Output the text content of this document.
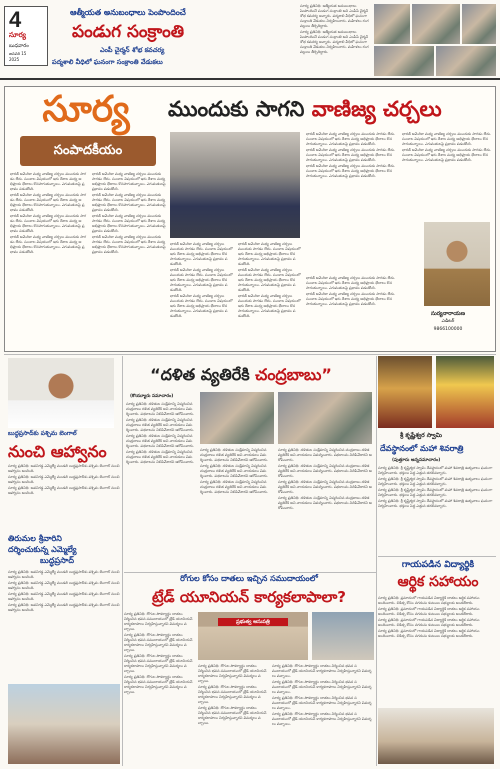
4
సూర్య
బుధవారం
జనవరి 15
2025
ఆత్మీయత అనుబంధాలు పెంపొందించే
పండుగ సంక్రాంతి
ఎంపీ చైర్మన్ శోభ కవచర్య
పద్మశాలి వీధిలో ఘనంగా సంక్రాంతి వేడుకలు

సూర్య ప్రతినిధి: ఆత్మీయత అనుబంధాలు పెంపొందించే పండుగ సంక్రాంతి అని ఎంపీపీ చైర్మన్ శోభ కవచర్య అన్నారు. పద్మశాలి వీధిలో ఘనంగా సంక్రాంతి వేడుకలు నిర్వహించారు. మహిళలు రంగవల్లులు తీర్చిదిద్దారు.

సూర్య ప్రతినిధి: ఆత్మీయత అనుబంధాలు పెంపొందించే పండుగ సంక్రాంతి అని ఎంపీపీ చైర్మన్ శోభ కవచర్య అన్నారు. పద్మశాలి వీధిలో ఘనంగా సంక్రాంతి వేడుకలు నిర్వహించారు. మహిళలు రంగవల్లులు తీర్చిదిద్దారు.

సూర్య
సంపాదకీయం
ముందుకు సాగని వాణిజ్య చర్చలు

భారత్ అమెరికా మధ్య వాణిజ్య చర్చలు ముందుకు సాగడం లేదు. సుంకాల విషయంలో ఇరు దేశాల మధ్య అభిప్రాయ భేదాలు కొనసాగుతున్నాయి. ఎగుమతులపై ప్రభావం పడుతోంది.

భారత్ అమెరికా మధ్య వాణిజ్య చర్చలు ముందుకు సాగడం లేదు. సుంకాల విషయంలో ఇరు దేశాల మధ్య అభిప్రాయ భేదాలు కొనసాగుతున్నాయి. ఎగుమతులపై ప్రభావం పడుతోంది.

భారత్ అమెరికా మధ్య వాణిజ్య చర్చలు ముందుకు సాగడం లేదు. సుంకాల విషయంలో ఇరు దేశాల మధ్య అభిప్రాయ భేదాలు కొనసాగుతున్నాయి. ఎగుమతులపై ప్రభావం పడుతోంది.

భారత్ అమెరికా మధ్య వాణిజ్య చర్చలు ముందుకు సాగడం లేదు. సుంకాల విషయంలో ఇరు దేశాల మధ్య అభిప్రాయ భేదాలు కొనసాగుతున్నాయి. ఎగుమతులపై ప్రభావం పడుతోంది.

భారత్ అమెరికా మధ్య వాణిజ్య చర్చలు ముందుకు సాగడం లేదు. సుంకాల విషయంలో ఇరు దేశాల మధ్య అభిప్రాయ భేదాలు కొనసాగుతున్నాయి. ఎగుమతులపై ప్రభావం పడుతోంది.

భారత్ అమెరికా మధ్య వాణిజ్య చర్చలు ముందుకు సాగడం లేదు. సుంకాల విషయంలో ఇరు దేశాల మధ్య అభిప్రాయ భేదాలు కొనసాగుతున్నాయి. ఎగుమతులపై ప్రభావం పడుతోంది.

భారత్ అమెరికా మధ్య వాణిజ్య చర్చలు ముందుకు సాగడం లేదు. సుంకాల విషయంలో ఇరు దేశాల మధ్య అభిప్రాయ భేదాలు కొనసాగుతున్నాయి. ఎగుమతులపై ప్రభావం పడుతోంది.

భారత్ అమెరికా మధ్య వాణిజ్య చర్చలు ముందుకు సాగడం లేదు. సుంకాల విషయంలో ఇరు దేశాల మధ్య అభిప్రాయ భేదాలు కొనసాగుతున్నాయి. ఎగుమతులపై ప్రభావం పడుతోంది.

భారత్ అమెరికా మధ్య వాణిజ్య చర్చలు ముందుకు సాగడం లేదు. సుంకాల విషయంలో ఇరు దేశాల మధ్య అభిప్రాయ భేదాలు కొనసాగుతున్నాయి. ఎగుమతులపై ప్రభావం పడుతోంది.

భారత్ అమెరికా మధ్య వాణిజ్య చర్చలు ముందుకు సాగడం లేదు. సుంకాల విషయంలో ఇరు దేశాల మధ్య అభిప్రాయ భేదాలు కొనసాగుతున్నాయి. ఎగుమతులపై ప్రభావం పడుతోంది.

భారత్ అమెరికా మధ్య వాణిజ్య చర్చలు ముందుకు సాగడం లేదు. సుంకాల విషయంలో ఇరు దేశాల మధ్య అభిప్రాయ భేదాలు కొనసాగుతున్నాయి. ఎగుమతులపై ప్రభావం పడుతోంది.

భారత్ అమెరికా మధ్య వాణిజ్య చర్చలు ముందుకు సాగడం లేదు. సుంకాల విషయంలో ఇరు దేశాల మధ్య అభిప్రాయ భేదాలు కొనసాగుతున్నాయి. ఎగుమతులపై ప్రభావం పడుతోంది.

భారత్ అమెరికా మధ్య వాణిజ్య చర్చలు ముందుకు సాగడం లేదు. సుంకాల విషయంలో ఇరు దేశాల మధ్య అభిప్రాయ భేదాలు కొనసాగుతున్నాయి. ఎగుమతులపై ప్రభావం పడుతోంది.

భారత్ అమెరికా మధ్య వాణిజ్య చర్చలు ముందుకు సాగడం లేదు. సుంకాల విషయంలో ఇరు దేశాల మధ్య అభిప్రాయ భేదాలు కొనసాగుతున్నాయి. ఎగుమతులపై ప్రభావం పడుతోంది.

భారత్ అమెరికా మధ్య వాణిజ్య చర్చలు ముందుకు సాగడం లేదు. సుంకాల విషయంలో ఇరు దేశాల మధ్య అభిప్రాయ భేదాలు కొనసాగుతున్నాయి. ఎగుమతులపై ప్రభావం పడుతోంది.

భారత్ అమెరికా మధ్య వాణిజ్య చర్చలు ముందుకు సాగడం లేదు. సుంకాల విషయంలో ఇరు దేశాల మధ్య అభిప్రాయ భేదాలు కొనసాగుతున్నాయి. ఎగుమతులపై ప్రభావం పడుతోంది.

భారత్ అమెరికా మధ్య వాణిజ్య చర్చలు ముందుకు సాగడం లేదు. సుంకాల విషయంలో ఇరు దేశాల మధ్య అభిప్రాయ భేదాలు కొనసాగుతున్నాయి. ఎగుమతులపై ప్రభావం పడుతోంది.

భారత్ అమెరికా మధ్య వాణిజ్య చర్చలు ముందుకు సాగడం లేదు. సుంకాల విషయంలో ఇరు దేశాల మధ్య అభిప్రాయ భేదాలు కొనసాగుతున్నాయి. ఎగుమతులపై ప్రభావం పడుతోంది.

భారత్ అమెరికా మధ్య వాణిజ్య చర్చలు ముందుకు సాగడం లేదు. సుంకాల విషయంలో ఇరు దేశాల మధ్య అభిప్రాయ భేదాలు కొనసాగుతున్నాయి. ఎగుమతులపై ప్రభావం పడుతోంది.

భారత్ అమెరికా మధ్య వాణిజ్య చర్చలు ముందుకు సాగడం లేదు. సుంకాల విషయంలో ఇరు దేశాల మధ్య అభిప్రాయ భేదాలు కొనసాగుతున్నాయి. ఎగుమతులపై ప్రభావం పడుతోంది.

భారత్ అమెరికా మధ్య వాణిజ్య చర్చలు ముందుకు సాగడం లేదు. సుంకాల విషయంలో ఇరు దేశాల మధ్య అభిప్రాయ భేదాలు కొనసాగుతున్నాయి. ఎగుమతులపై ప్రభావం పడుతోంది.

సుర్యనారాయణ
ఎడిటర్
9866100000
“దళిత వ్యతిరేకి చంద్రబాబు”
(కొయ్యూరు సమాచారం)

సూర్య ప్రతినిధి: దళితుల సంక్షేమాన్ని విస్మరించిన చంద్రబాబు దళిత వ్యతిరేకి అని నాయకులు విమర్శించారు. పథకాలను నిలిపివేశారని ఆరోపించారు.

సూర్య ప్రతినిధి: దళితుల సంక్షేమాన్ని విస్మరించిన చంద్రబాబు దళిత వ్యతిరేకి అని నాయకులు విమర్శించారు. పథకాలను నిలిపివేశారని ఆరోపించారు.

సూర్య ప్రతినిధి: దళితుల సంక్షేమాన్ని విస్మరించిన చంద్రబాబు దళిత వ్యతిరేకి అని నాయకులు విమర్శించారు. పథకాలను నిలిపివేశారని ఆరోపించారు.

సూర్య ప్రతినిధి: దళితుల సంక్షేమాన్ని విస్మరించిన చంద్రబాబు దళిత వ్యతిరేకి అని నాయకులు విమర్శించారు. పథకాలను నిలిపివేశారని ఆరోపించారు.

సూర్య ప్రతినిధి: దళితుల సంక్షేమాన్ని విస్మరించిన చంద్రబాబు దళిత వ్యతిరేకి అని నాయకులు విమర్శించారు. పథకాలను నిలిపివేశారని ఆరోపించారు.

సూర్య ప్రతినిధి: దళితుల సంక్షేమాన్ని విస్మరించిన చంద్రబాబు దళిత వ్యతిరేకి అని నాయకులు విమర్శించారు. పథకాలను నిలిపివేశారని ఆరోపించారు.

సూర్య ప్రతినిధి: దళితుల సంక్షేమాన్ని విస్మరించిన చంద్రబాబు దళిత వ్యతిరేకి అని నాయకులు విమర్శించారు. పథకాలను నిలిపివేశారని ఆరోపించారు.

సూర్య ప్రతినిధి: దళితుల సంక్షేమాన్ని విస్మరించిన చంద్రబాబు దళిత వ్యతిరేకి అని నాయకులు విమర్శించారు. పథకాలను నిలిపివేశారని ఆరోపించారు.

సూర్య ప్రతినిధి: దళితుల సంక్షేమాన్ని విస్మరించిన చంద్రబాబు దళిత వ్యతిరేకి అని నాయకులు విమర్శించారు. పథకాలను నిలిపివేశారని ఆరోపించారు.

సూర్య ప్రతినిధి: దళితుల సంక్షేమాన్ని విస్మరించిన చంద్రబాబు దళిత వ్యతిరేకి అని నాయకులు విమర్శించారు. పథకాలను నిలిపివేశారని ఆరోపించారు.

సూర్య ప్రతినిధి: దళితుల సంక్షేమాన్ని విస్మరించిన చంద్రబాబు దళిత వ్యతిరేకి అని నాయకులు విమర్శించారు. పథకాలను నిలిపివేశారని ఆరోపించారు.

బుద్ధప్రసాద్‌కు పశ్చిమ బెంగాల్
నుంచి ఆహ్వానం

సూర్య ప్రతినిధి: అవనిగడ్డ ఎమ్మెల్యే మండలి బుద్ధప్రసాద్‌కు పశ్చిమ బెంగాల్ నుంచి ఆహ్వానం అందింది.

సూర్య ప్రతినిధి: అవనిగడ్డ ఎమ్మెల్యే మండలి బుద్ధప్రసాద్‌కు పశ్చిమ బెంగాల్ నుంచి ఆహ్వానం అందింది.

సూర్య ప్రతినిధి: అవనిగడ్డ ఎమ్మెల్యే మండలి బుద్ధప్రసాద్‌కు పశ్చిమ బెంగాల్ నుంచి ఆహ్వానం అందింది.

తిరుమల శ్రీవారిని
దర్శించుకున్న ఎమ్మెల్యే
బుద్ధప్రసాద్

సూర్య ప్రతినిధి: అవనిగడ్డ ఎమ్మెల్యే మండలి బుద్ధప్రసాద్‌కు పశ్చిమ బెంగాల్ నుంచి ఆహ్వానం అందింది.

సూర్య ప్రతినిధి: అవనిగడ్డ ఎమ్మెల్యే మండలి బుద్ధప్రసాద్‌కు పశ్చిమ బెంగాల్ నుంచి ఆహ్వానం అందింది.

సూర్య ప్రతినిధి: అవనిగడ్డ ఎమ్మెల్యే మండలి బుద్ధప్రసాద్‌కు పశ్చిమ బెంగాల్ నుంచి ఆహ్వానం అందింది.

సూర్య ప్రతినిధి: అవనిగడ్డ ఎమ్మెల్యే మండలి బుద్ధప్రసాద్‌కు పశ్చిమ బెంగాల్ నుంచి ఆహ్వానం అందింది.

శ్రీ కృష్ణేశ్వర స్వామి
దేవస్థానంలో మహా శివరాత్రి
(పుత్తూరు అన్నసమాచారం)

సూర్య ప్రతినిధి: శ్రీ కృష్ణేశ్వర స్వామి దేవస్థానంలో మహా శివరాత్రి ఉత్సవాలు ఘనంగా నిర్వహించారు. భక్తులు పెద్ద ఎత్తున తరలివచ్చారు.

సూర్య ప్రతినిధి: శ్రీ కృష్ణేశ్వర స్వామి దేవస్థానంలో మహా శివరాత్రి ఉత్సవాలు ఘనంగా నిర్వహించారు. భక్తులు పెద్ద ఎత్తున తరలివచ్చారు.

సూర్య ప్రతినిధి: శ్రీ కృష్ణేశ్వర స్వామి దేవస్థానంలో మహా శివరాత్రి ఉత్సవాలు ఘనంగా నిర్వహించారు. భక్తులు పెద్ద ఎత్తున తరలివచ్చారు.

సూర్య ప్రతినిధి: శ్రీ కృష్ణేశ్వర స్వామి దేవస్థానంలో మహా శివరాత్రి ఉత్సవాలు ఘనంగా నిర్వహించారు. భక్తులు పెద్ద ఎత్తున తరలివచ్చారు.

రోగుల కోసం దాతలు ఇచ్చిన సముదాయంలో
ట్రేడ్ యూనియన్ కార్యకలాపాలా?

సూర్య ప్రతినిధి: రోగుల సౌకర్యార్థం దాతలు నిర్మించిన భవన సముదాయంలో ట్రేడ్ యూనియన్ కార్యకలాపాలు నిర్వహిస్తున్నారని విమర్శలు వచ్చాయి.

సూర్య ప్రతినిధి: రోగుల సౌకర్యార్థం దాతలు నిర్మించిన భవన సముదాయంలో ట్రేడ్ యూనియన్ కార్యకలాపాలు నిర్వహిస్తున్నారని విమర్శలు వచ్చాయి.

సూర్య ప్రతినిధి: రోగుల సౌకర్యార్థం దాతలు నిర్మించిన భవన సముదాయంలో ట్రేడ్ యూనియన్ కార్యకలాపాలు నిర్వహిస్తున్నారని విమర్శలు వచ్చాయి.

సూర్య ప్రతినిధి: రోగుల సౌకర్యార్థం దాతలు నిర్మించిన భవన సముదాయంలో ట్రేడ్ యూనియన్ కార్యకలాపాలు నిర్వహిస్తున్నారని విమర్శలు వచ్చాయి.

ప్రభుత్వ ఆసుపత్రి

సూర్య ప్రతినిధి: రోగుల సౌకర్యార్థం దాతలు నిర్మించిన భవన సముదాయంలో ట్రేడ్ యూనియన్ కార్యకలాపాలు నిర్వహిస్తున్నారని విమర్శలు వచ్చాయి.

సూర్య ప్రతినిధి: రోగుల సౌకర్యార్థం దాతలు నిర్మించిన భవన సముదాయంలో ట్రేడ్ యూనియన్ కార్యకలాపాలు నిర్వహిస్తున్నారని విమర్శలు వచ్చాయి.

సూర్య ప్రతినిధి: రోగుల సౌకర్యార్థం దాతలు నిర్మించిన భవన సముదాయంలో ట్రేడ్ యూనియన్ కార్యకలాపాలు నిర్వహిస్తున్నారని విమర్శలు వచ్చాయి.

సూర్య ప్రతినిధి: రోగుల సౌకర్యార్థం దాతలు నిర్మించిన భవన సముదాయంలో ట్రేడ్ యూనియన్ కార్యకలాపాలు నిర్వహిస్తున్నారని విమర్శలు వచ్చాయి.

సూర్య ప్రతినిధి: రోగుల సౌకర్యార్థం దాతలు నిర్మించిన భవన సముదాయంలో ట్రేడ్ యూనియన్ కార్యకలాపాలు నిర్వహిస్తున్నారని విమర్శలు వచ్చాయి.

సూర్య ప్రతినిధి: రోగుల సౌకర్యార్థం దాతలు నిర్మించిన భవన సముదాయంలో ట్రేడ్ యూనియన్ కార్యకలాపాలు నిర్వహిస్తున్నారని విమర్శలు వచ్చాయి.

సూర్య ప్రతినిధి: రోగుల సౌకర్యార్థం దాతలు నిర్మించిన భవన సముదాయంలో ట్రేడ్ యూనియన్ కార్యకలాపాలు నిర్వహిస్తున్నారని విమర్శలు వచ్చాయి.

గాయపడిన విద్యార్థికి
ఆర్థిక సహాయం

సూర్య ప్రతినిధి: ప్రమాదంలో గాయపడిన విద్యార్థికి దాతలు ఆర్థిక సహాయం అందించారు. చికిత్స కోసం నగదును కుటుంబ సభ్యులకు అందజేశారు.

సూర్య ప్రతినిధి: ప్రమాదంలో గాయపడిన విద్యార్థికి దాతలు ఆర్థిక సహాయం అందించారు. చికిత్స కోసం నగదును కుటుంబ సభ్యులకు అందజేశారు.

సూర్య ప్రతినిధి: ప్రమాదంలో గాయపడిన విద్యార్థికి దాతలు ఆర్థిక సహాయం అందించారు. చికిత్స కోసం నగదును కుటుంబ సభ్యులకు అందజేశారు.

సూర్య ప్రతినిధి: ప్రమాదంలో గాయపడిన విద్యార్థికి దాతలు ఆర్థిక సహాయం అందించారు. చికిత్స కోసం నగదును కుటుంబ సభ్యులకు అందజేశారు.
